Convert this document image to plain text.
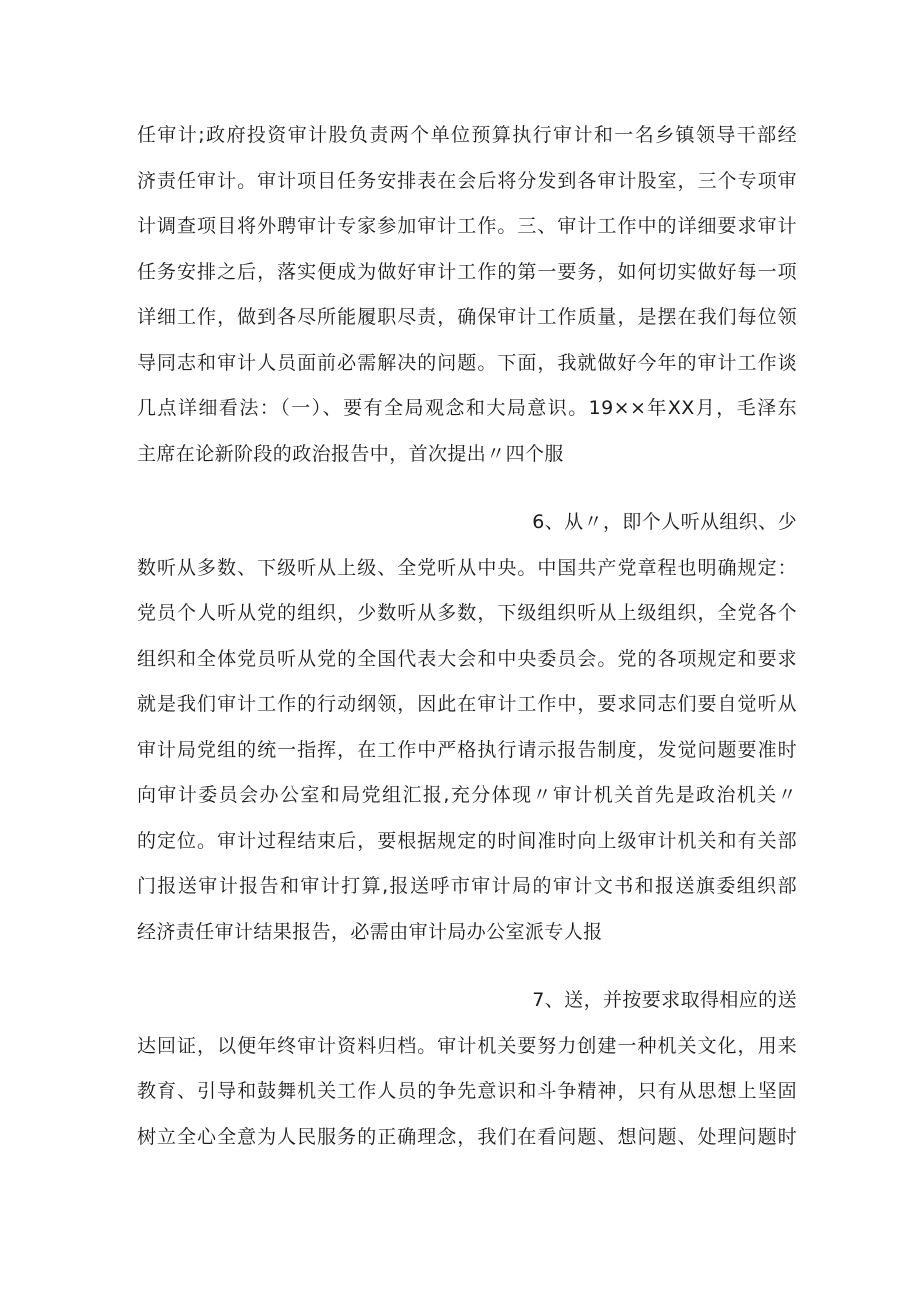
任审计;政府投资审计股负责两个单位预算执行审计和一名乡镇领导干部经
济责任审计。审计项目任务安排表在会后将分发到各审计股室，三个专项审
计调查项目将外聘审计专家参加审计工作。三、审计工作中的详细要求审计
任务安排之后，落实便成为做好审计工作的第一要务，如何切实做好每一项
详细工作，做到各尽所能履职尽责，确保审计工作质量，是摆在我们每位领
导同志和审计人员面前必需解决的问题。下面，我就做好今年的审计工作谈
几点详细看法：（一）、要有全局观念和大局意识。19××年XX月，毛泽东
主席在论新阶段的政治报告中，首次提出〃四个服
6、从〃，即个人听从组织、少
数听从多数、下级听从上级、全党听从中央。中国共产党章程也明确规定：
党员个人听从党的组织，少数听从多数，下级组织听从上级组织，全党各个
组织和全体党员听从党的全国代表大会和中央委员会。党的各项规定和要求
就是我们审计工作的行动纲领，因此在审计工作中，要求同志们要自觉听从
审计局党组的统一指挥，在工作中严格执行请示报告制度，发觉问题要准时
向审计委员会办公室和局党组汇报,充分体现〃审计机关首先是政治机关〃
的定位。审计过程结束后，要根据规定的时间准时向上级审计机关和有关部
门报送审计报告和审计打算,报送呼市审计局的审计文书和报送旗委组织部
经济责任审计结果报告，必需由审计局办公室派专人报
7、送，并按要求取得相应的送
达回证，以便年终审计资料归档。审计机关要努力创建一种机关文化，用来
教育、引导和鼓舞机关工作人员的争先意识和斗争精神，只有从思想上坚固
树立全心全意为人民服务的正确理念，我们在看问题、想问题、处理问题时
